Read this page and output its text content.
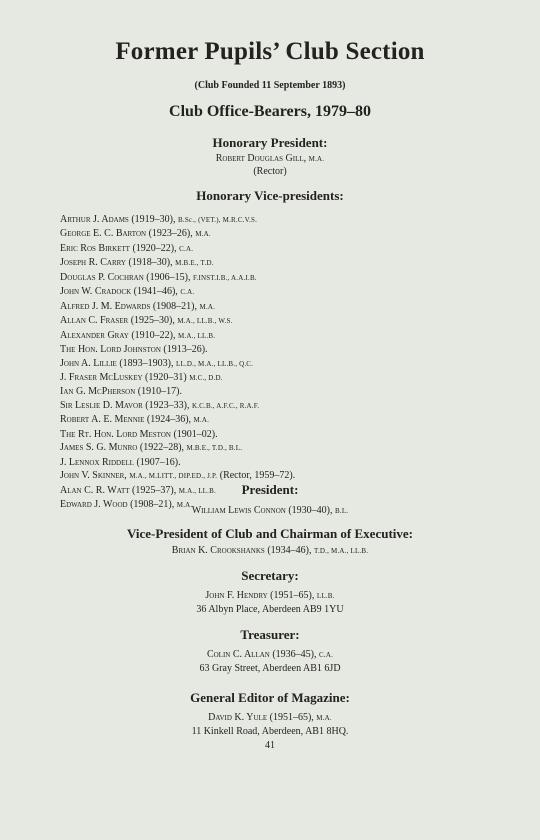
Former Pupils’ Club Section
(Club Founded 11 September 1893)
Club Office-Bearers, 1979–80
Honorary President:
Robert Douglas Gill, M.A.
(Rector)
Honorary Vice-presidents:
Arthur J. Adams (1919–30), B.Sc., (VET.), M.R.C.V.S.
George E. C. Barton (1923–26), M.A.
Eric Ros Birkett (1920–22), C.A.
Joseph R. Carry (1918–30), M.B.E., T.D.
Douglas P. Cochran (1906–15), F.INST.I.B., A.A.I.B.
John W. Cradock (1941–46), C.A.
Alfred J. M. Edwards (1908–21), M.A.
Allan C. Fraser (1925–30), M.A., LL.B., W.S.
Alexander Gray (1910–22), M.A., LL.B.
The Hon. Lord Johnston (1913–26).
John A. Lillie (1893–1903), LL.D., M.A., LL.B., Q.C.
J. Fraser McLuskey (1920–31) M.C., D.D.
Ian G. McPherson (1910–17).
Sir Leslie D. Mavor (1923–33), K.C.B., A.F.C., R.A.F.
Robert A. E. Mennie (1924–36), M.A.
The Rt. Hon. Lord Meston (1901–02).
James S. G. Munro (1922–28), M.B.E., T.D., B.L.
J. Lennox Riddell (1907–16).
John V. Skinner, M.A., M.LITT., DIP.ED., J.P. (Rector, 1959–72).
Alan C. R. Watt (1925–37), M.A., LL.B.
Edward J. Wood (1908–21), M.A.
President:
William Lewis Connon (1930–40), B.L.
Vice-President of Club and Chairman of Executive:
Brian K. Crookshanks (1934–46), T.D., M.A., LL.B.
Secretary:
John F. Hendry (1951–65), LL.B.
36 Albyn Place, Aberdeen AB9 1YU
Treasurer:
Colin C. Allan (1936–45), C.A.
63 Gray Street, Aberdeen AB1 6JD
General Editor of Magazine:
David K. Yule (1951–65), M.A.
11 Kinkell Road, Aberdeen, AB1 8HQ.
41
